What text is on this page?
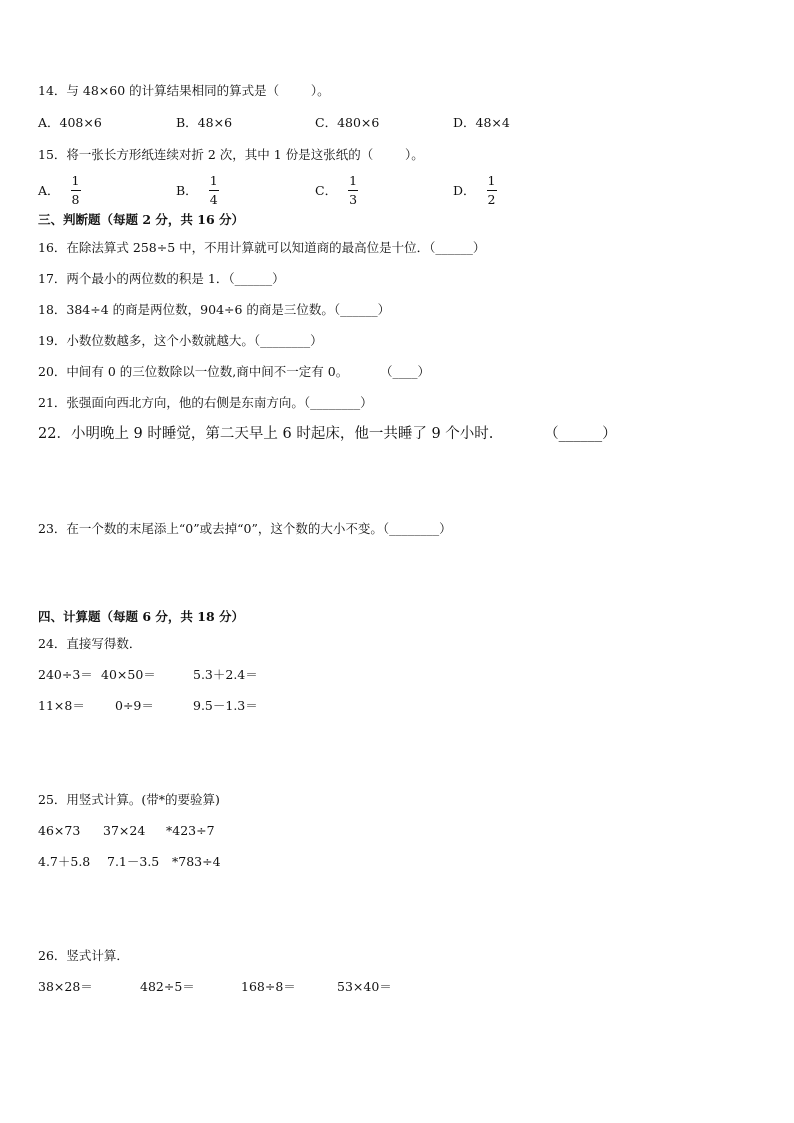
14．与 48×60 的计算结果相同的算式是（        ）。
A．408×6	B．48×6	C．480×6	D．48×4
15．将一张长方形纸连续对折 2 次，其中 1 份是这张纸的（        ）。
A． $\frac{1}{8}$	B． $\frac{1}{4}$	C． $\frac{1}{3}$	D． $\frac{1}{2}$
三、判断题（每题 2 分，共 16 分）
16．在除法算式 258÷5 中，不用计算就可以知道商的最高位是十位．（______）
17．两个最小的两位数的积是 1．（______）
18．384÷4 的商是两位数，904÷6 的商是三位数。（______）
19．小数位数越多，这个小数就越大。（________）
20．中间有 0 的三位数除以一位数,商中间不一定有 0。        （____）
21．张强面向西北方向，他的右侧是东南方向。（________）
22．小明晚上 9 时睡觉，第二天早上 6 时起床，他一共睡了 9 个小时.           （______）
23．在一个数的末尾添上“0”或去掉“0”，这个数的大小不变。（________）
四、计算题（每题 6 分，共 18 分）
24．直接写得数．
240÷3＝ 40×50＝	5.3＋2.4＝
11×8＝ 0÷9＝	9.5－1.3＝
25．用竖式计算。(带*的要验算)
46×73 37×24 *423÷7
4.7＋5.8 7.1－3.5 *783÷4
26．竖式计算．
38×28＝	482÷5＝	168÷8＝	53×40＝
